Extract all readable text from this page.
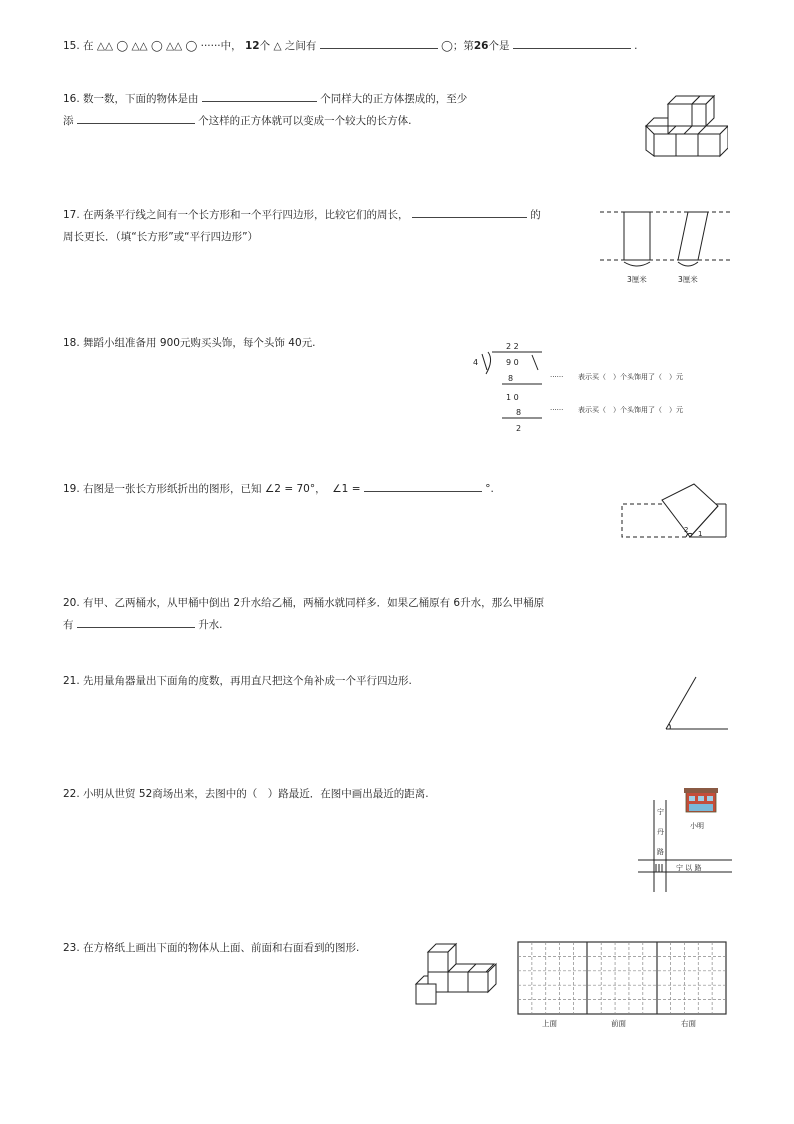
15. 在 △△ ◯ △△ ◯ △△ ◯ ······中， 12个 △ 之间有	◯；第26个是	.
16. 数一数，下面的物体是由	个同样大的正方体摆成的，至少
添	个这样的正方体就可以变成一个较大的长方体.
17. 在两条平行线之间有一个长方形和一个平行四边形，比较它们的周长，	的
周长更长．（填“长方形”或“平行四边形”）
3厘米	3厘米
18. 舞蹈小组准备用 900元购买头饰，每个头饰 40元.	2 2
4	9 0
8
1 0
8
2
······ 表示买（　）个头饰用了（　）元
······ 表示买（　）个头饰用了（　）元
19. 右图是一张长方形纸折出的图形，已知 ∠2 = 70°， ∠1 =	°.
2 1
20. 有甲、乙两桶水，从甲桶中倒出 2升水给乙桶，两桶水就同样多．如果乙桶原有 6升水，那么甲桶原
有	升水.
21. 先用量角器量出下面角的度数，再用直尺把这个角补成一个平行四边形.
22. 小明从世贸 52商场出来，去图中的（　）路最近．在图中画出最近的距离.
宁
丹
路
宁 以 路
小明
23. 在方格纸上画出下面的物体从上面、前面和右面看到的图形.
上面	前面	右面
